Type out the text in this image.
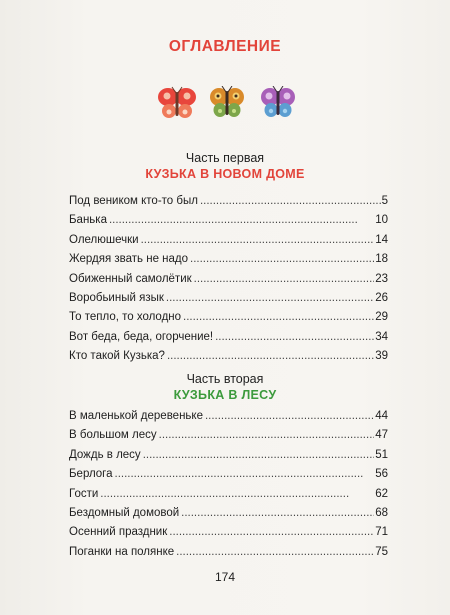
ОГЛАВЛЕНИЕ
Часть первая
КУЗЬКА В НОВОМ ДОМЕ
Под веником кто-то был . . .	5
Банька . . .	10
Олелюшечки . . .	14
Жердяя звать не надо . . .	18
Обиженный самолётик . . .	23
Воробьиный язык . . .	26
То тепло, то холодно . . .	29
Вот беда, беда, огорчение! . . .	34
Кто такой Кузька? . . .	39
Часть вторая
КУЗЬКА В ЛЕСУ
В маленькой деревеньке . . .	44
В большом лесу . . .	47
Дождь в лесу . . .	51
Берлога . . .	56
Гости . . .	62
Бездомный домовой . . .	68
Осенний праздник . . .	71
Поганки на полянке . . .	75
174
